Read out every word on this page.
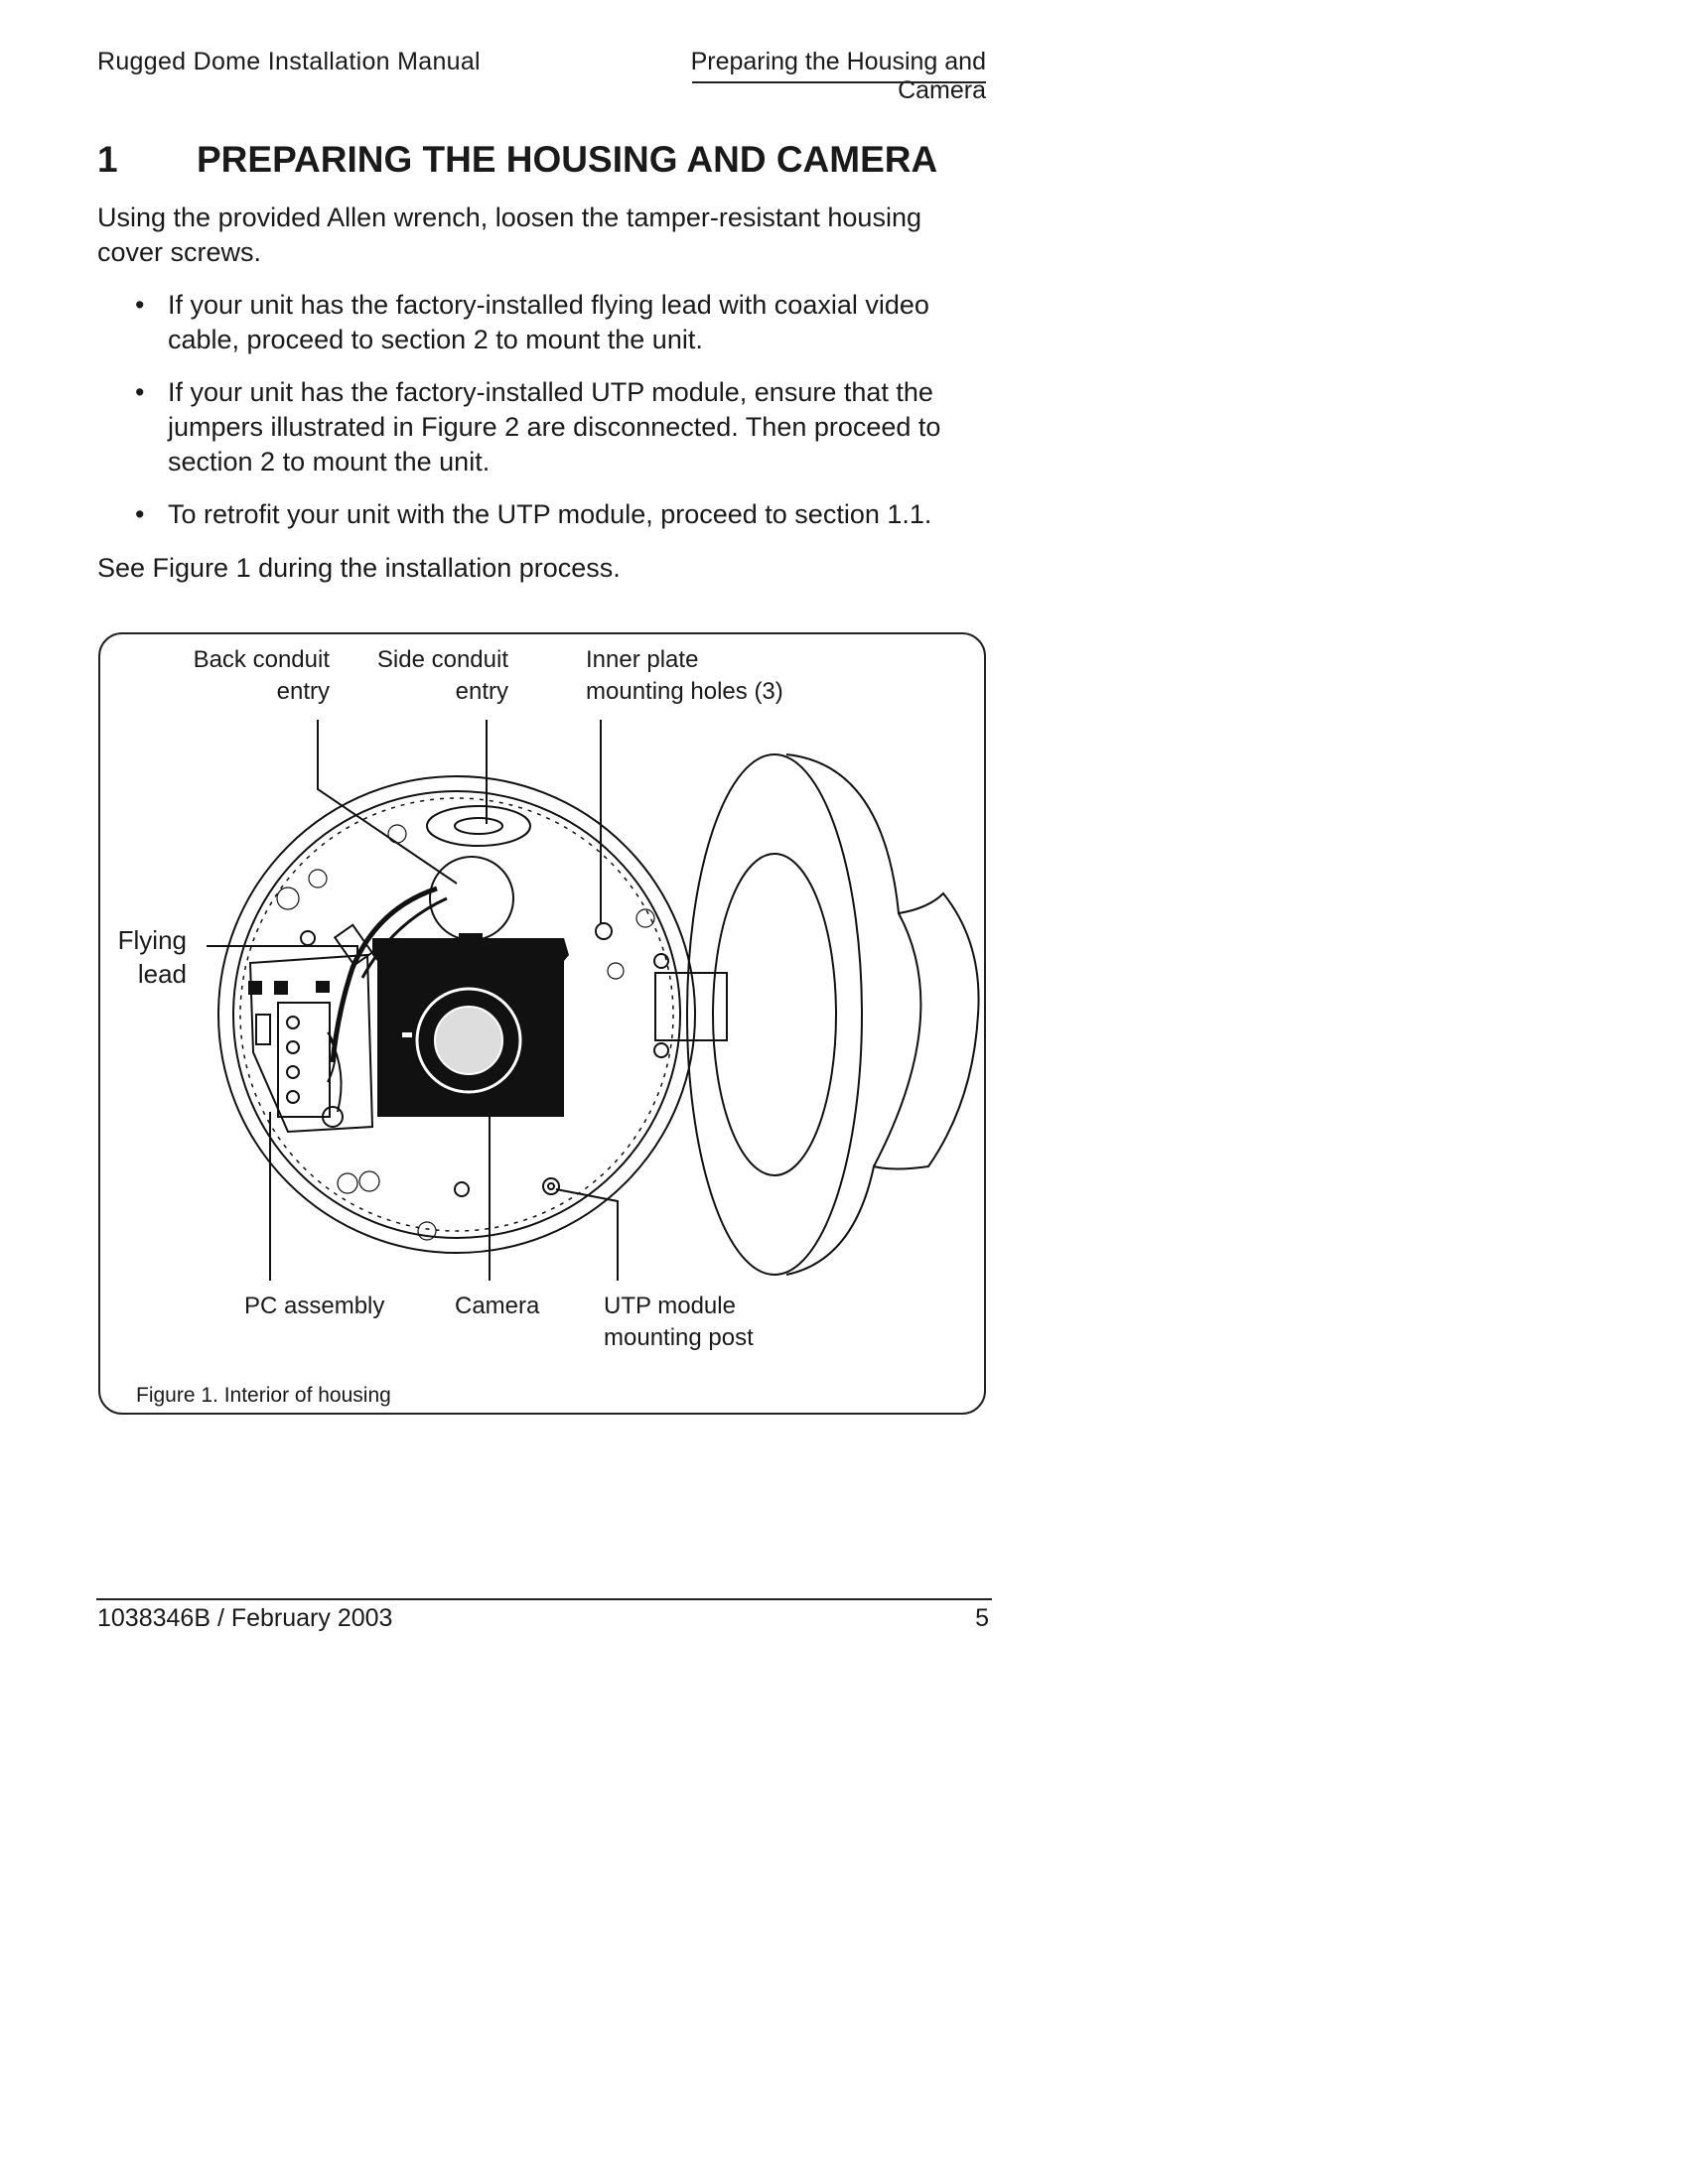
Rugged Dome Installation Manual	Preparing the Housing and Camera
1 PREPARING THE HOUSING AND CAMERA
Using the provided Allen wrench, loosen the tamper-resistant housing cover screws.
• If your unit has the factory-installed flying lead with coaxial video cable, proceed to section 2 to mount the unit.
• If your unit has the factory-installed UTP module, ensure that the jumpers illustrated in Figure 2 are disconnected. Then proceed to section 2 to mount the unit.
• To retrofit your unit with the UTP module, proceed to section 1.1.
See Figure 1 during the installation process.
Back conduit
entry
Side conduit
entry
Inner plate
mounting holes (3)
Flying
lead
PC assembly	Camera	UTP module
mounting post
Figure 1. Interior of housing
1038346B / February 2003	5
